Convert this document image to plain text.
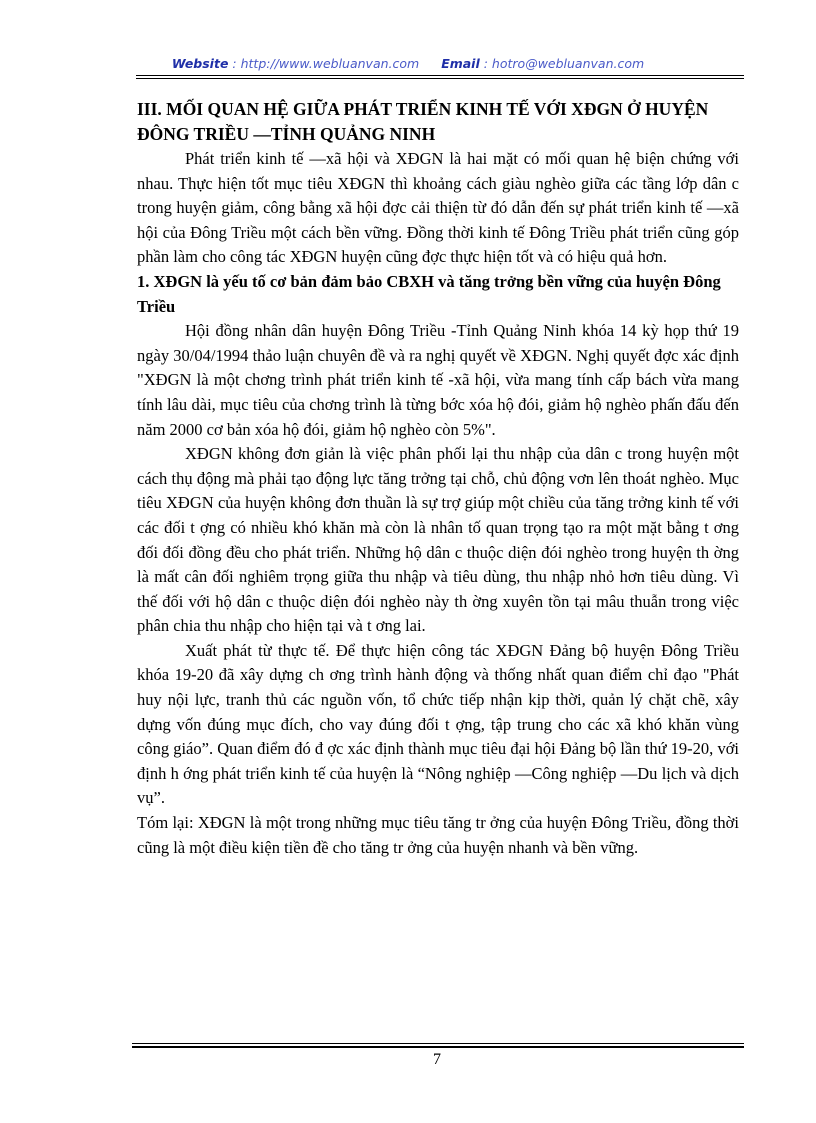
Website : http://www.webluanvan.com Email : hotro@webluanvan.com
III. MỐI QUAN HỆ GIỮA PHÁT TRIỂN KINH TẾ VỚI XĐGN Ở HUYỆN ĐÔNG TRIỀU —TỈNH QUẢNG NINH

Phát triển kinh tế —xã hội và XĐGN là hai mặt có mối quan hệ biện chứng với nhau. Thực hiện tốt mục tiêu XĐGN thì khoảng cách giàu nghèo giữa các tầng lớp dân c trong huyện giảm, công bằng xã hội đợc cải thiện từ đó dẫn đến sự phát triển kinh tế —xã hội của Đông Triều một cách bền vững. Đồng thời kinh tế Đông Triều phát triển cũng góp phần làm cho công tác XĐGN huyện cũng đợc thực hiện tốt và có hiệu quả hơn.

1. XĐGN là yếu tố cơ bản đảm bảo CBXH và tăng trởng bền vững của huyện Đông Triều

Hội đồng nhân dân huyện Đông Triều -Tỉnh Quảng Ninh khóa 14 kỳ họp thứ 19 ngày 30/04/1994 thảo luận chuyên đề và ra nghị quyết về XĐGN. Nghị quyết đợc xác định "XĐGN là một chơng trình phát triển kinh tế -xã hội, vừa mang tính cấp bách vừa mang tính lâu dài, mục tiêu của chơng trình là từng bớc xóa hộ đói, giảm hộ nghèo phấn đấu đến năm 2000 cơ bản xóa hộ đói, giảm hộ nghèo còn 5%".

XĐGN không đơn giản là việc phân phối lại thu nhập của dân c trong huyện một cách thụ động mà phải tạo động lực tăng trởng tại chỗ, chủ động vơn lên thoát nghèo. Mục tiêu XĐGN của huyện không đơn thuần là sự trợ giúp một chiều của tăng trởng kinh tế với các đối t ợng có nhiều khó khăn mà còn là nhân tố quan trọng tạo ra một mặt bằng t ơng đối đối đồng đều cho phát triển. Những hộ dân c thuộc diện đói nghèo trong huyện th ờng là mất cân đối nghiêm trọng giữa thu nhập và tiêu dùng, thu nhập nhỏ hơn tiêu dùng. Vì thế đối với hộ dân c thuộc diện đói nghèo này th ờng xuyên tồn tại mâu thuẫn trong việc phân chia thu nhập cho hiện tại và t ơng lai.

Xuất phát từ thực tế. Để thực hiện công tác XĐGN Đảng bộ huyện Đông Triều khóa 19-20 đã xây dựng ch ơng trình hành động và thống nhất quan điểm chỉ đạo "Phát huy nội lực, tranh thủ các nguồn vốn, tổ chức tiếp nhận kịp thời, quản lý chặt chẽ, xây dựng vốn đúng mục đích, cho vay đúng đối t ợng, tập trung cho các xã khó khăn vùng công giáo”. Quan điểm đó đ ợc xác định thành mục tiêu đại hội Đảng bộ lần thứ 19-20, với định h ớng phát triển kinh tế của huyện là “Nông nghiệp —Công nghiệp —Du lịch và dịch vụ”.

Tóm lại: XĐGN là một trong những mục tiêu tăng tr ởng của huyện Đông Triều, đồng thời cũng là một điều kiện tiền đề cho tăng tr ởng của huyện nhanh và bền vững.

7
